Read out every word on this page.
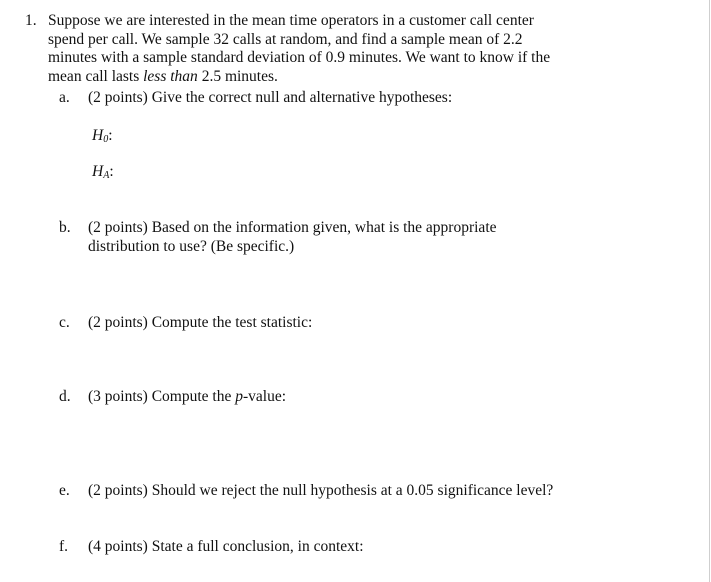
1. Suppose we are interested in the mean time operators in a customer call center
spend per call. We sample 32 calls at random, and find a sample mean of 2.2
minutes with a sample standard deviation of 0.9 minutes. We want to know if the
mean call lasts less than 2.5 minutes.
a. (2 points) Give the correct null and alternative hypotheses:
$H_0$:
$H_A$:
b. (2 points) Based on the information given, what is the appropriate
distribution to use? (Be specific.)
c. (2 points) Compute the test statistic:
d. (3 points) Compute the p-value:
e. (2 points) Should we reject the null hypothesis at a 0.05 significance level?
f. (4 points) State a full conclusion, in context:
